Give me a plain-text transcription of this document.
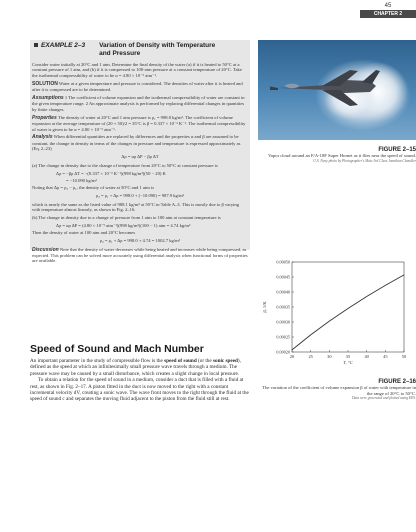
45
CHAPTER 2
EXAMPLE 2–3 Variation of Density with Temperature and Pressure

Consider water initially at 20°C and 1 atm. Determine the final density of the water (a) if it is heated to 50°C at a constant pressure of 1 atm, and (b) if it is compressed to 100-atm pressure at a constant temperature of 20°C. Take the isothermal compressibility of water to be α = 4.80 × 10⁻⁵ atm⁻¹.

SOLUTION Water at a given temperature and pressure is considered. The densities of water after it is heated and after it is compressed are to be determined.

Assumptions 1 The coefficient of volume expansion and the isothermal compressibility of water are constant in the given temperature range. 2 An approximate analysis is performed by replacing differential changes in quantities by finite changes.

Properties The density of water at 20°C and 1 atm pressure is ρ₁ = 998.0 kg/m³. The coefficient of volume expansion at the average temperature of (20 + 50)/2 = 35°C is β = 0.337 × 10⁻³ K⁻¹. The isothermal compressibility of water is given to be α = 4.80 × 10⁻⁵ atm⁻¹.

Analysis When differential quantities are replaced by differences and the properties α and β are assumed to be constant, the change in density in terms of the changes in pressure and temperature is expressed approximately as (Eq. 2–23)

Δρ = αρ ΔP − βρ ΔT

(a) The change in density due to the change of temperature from 20°C to 50°C at constant pressure is

Δρ = −βρ ΔT = −(0.337 × 10⁻³ K⁻¹)(998 kg/m³)(50 − 20) K
= −10.090 kg/m³

Noting that Δρ = ρ₂ − ρ₁, the density of water at 50°C and 1 atm is

ρ₂ = ρ₁ + Δρ = 998.0 + (−10.090) = 987.9 kg/m³

which is nearly the same as the listed value of 988.1 kg/m³ at 50°C in Table A–3. This is mostly due to β varying with temperature almost linearly, as shown in Fig. 2–16.

(b) The change in density due to a change of pressure from 1 atm to 100 atm at constant temperature is

Δρ = αρ ΔP = (4.80 × 10⁻⁵ atm⁻¹)(998 kg/m³)(100 − 1) atm = 4.74 kg/m³

Then the density of water at 100 atm and 20°C becomes

ρ₂ = ρ₁ + Δρ = 998.0 + 4.74 = 1002.7 kg/m³

Discussion Note that the density of water decreases while being heated and increases while being compressed, as expected. This problem can be solved more accurately using differential analysis when functional forms of properties are available.

FIGURE 2–15
Vapor cloud around an F/A-18F Super Hornet as it flies near the speed of sound.
U.S. Navy photo by Photographer's Mate 3rd Class Jonathan Chandler
0.00020
0.00025
0.00030
0.00035
0.00040
0.00045
0.00050
20	25	30	35	40	45	50
β, 1/K
T, °C
FIGURE 2–16
The variation of the coefficient of volume expansion β of water with temperature in the range of 20°C to 50°C.
Data were generated and plotted using EES.
Speed of Sound and Mach Number

An important parameter in the study of compressible flow is the speed of sound (or the sonic speed), defined as the speed at which an infinitesimally small pressure wave travels through a medium. The pressure wave may be caused by a small disturbance, which creates a slight change in local pressure.

To obtain a relation for the speed of sound in a medium, consider a duct that is filled with a fluid at rest, as shown in Fig. 2–17. A piston fitted in the duct is now moved to the right with a constant incremental velocity dV, creating a sonic wave. The wave front moves to the right through the fluid at the speed of sound c and separates the moving fluid adjacent to the piston from the fluid still at rest.
